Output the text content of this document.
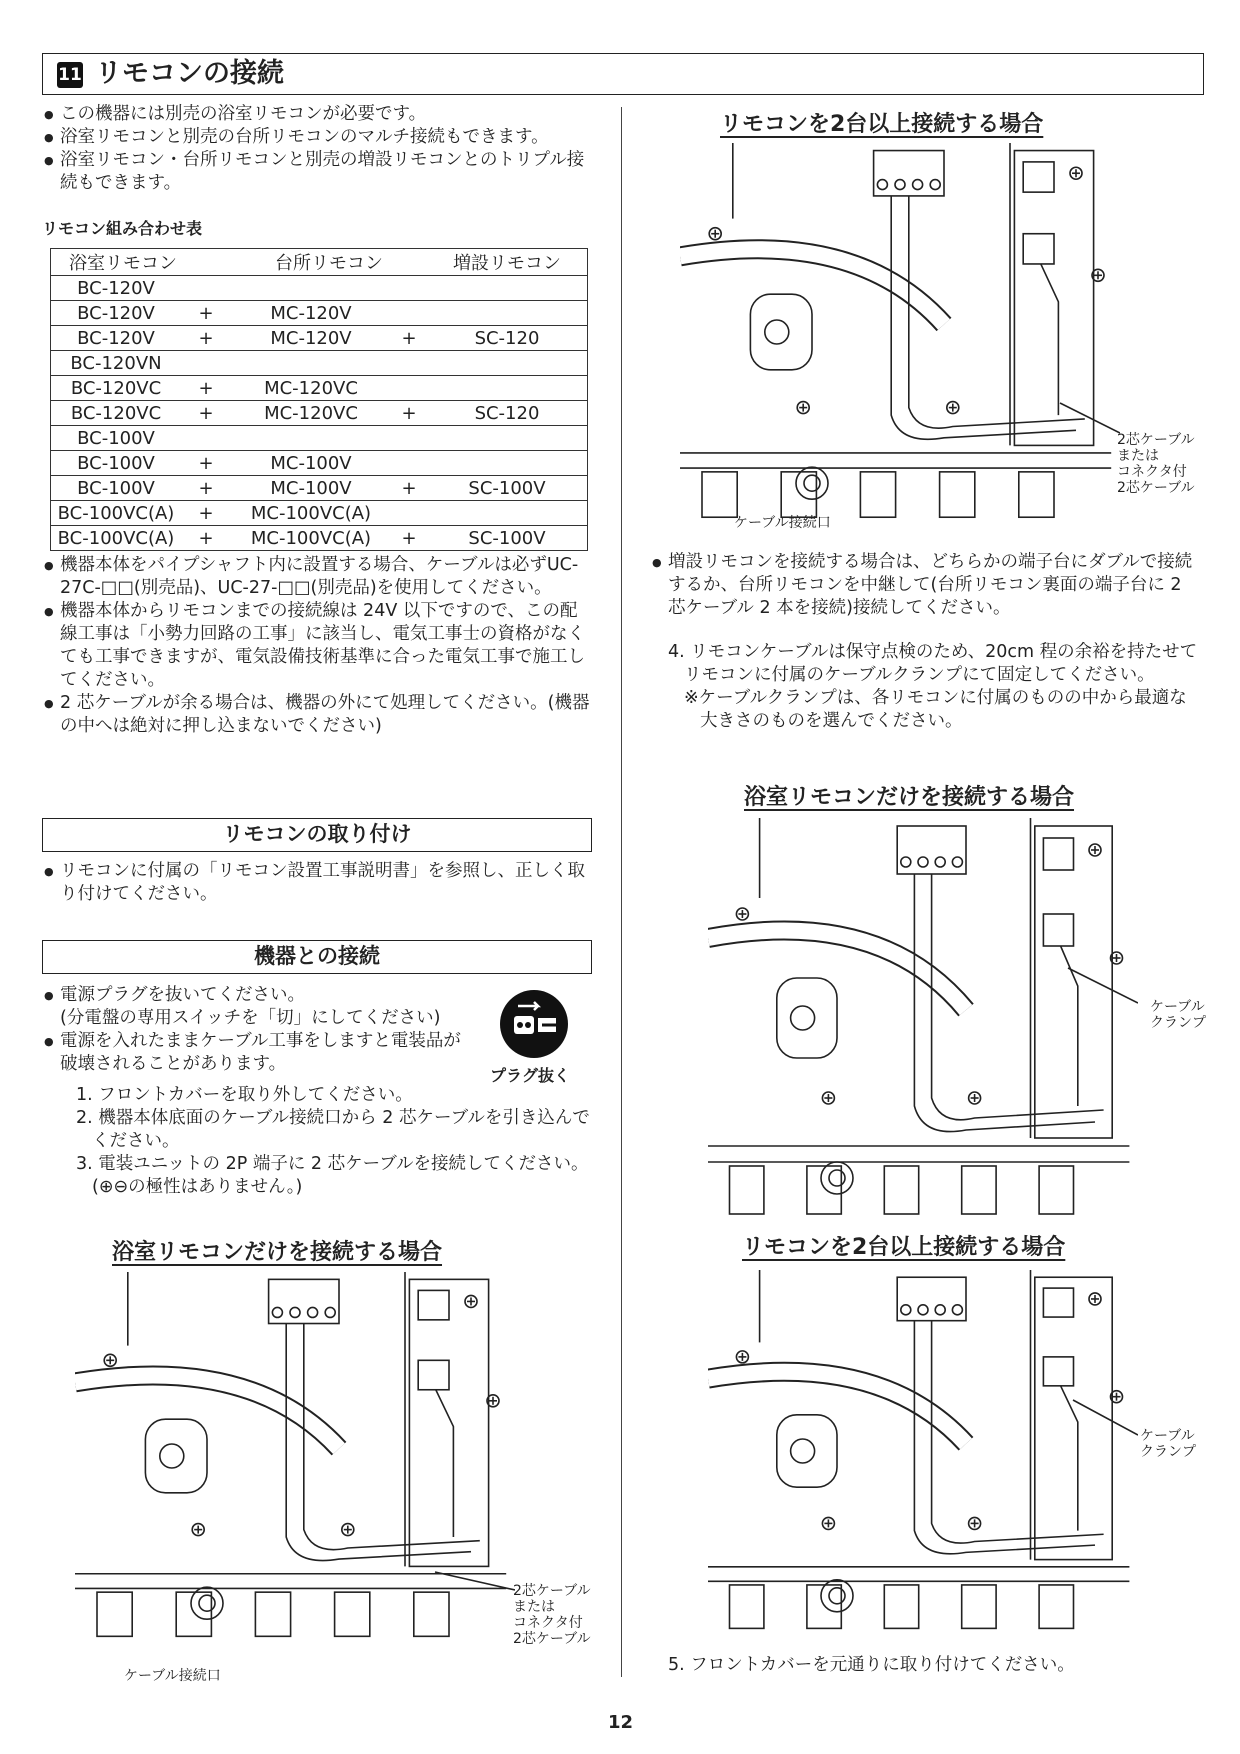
11 リモコンの接続

● この機器には別売の浴室リモコンが必要です。

● 浴室リモコンと別売の台所リモコンのマルチ接続もできます。

● 浴室リモコン・台所リモコンと別売の増設リモコンとのトリプル接続もできます。

リモコン組み合わせ表

浴室リモコン	台所リモコン	増設リモコン

BC-120V

BC-120V	+	MC-120V

BC-120V	+	MC-120V	+	SC-120

BC-120VN

BC-120VC	+	MC-120VC

BC-120VC	+	MC-120VC	+	SC-120

BC-100V

BC-100V	+	MC-100V

BC-100V	+	MC-100V	+	SC-100V

BC-100VC(A)	+	MC-100VC(A)

BC-100VC(A)	+	MC-100VC(A)	+	SC-100V

● 機器本体をパイプシャフト内に設置する場合、ケーブルは必ずUC-27C-□□(別売品)、UC-27-□□(別売品)を使用してください。

● 機器本体からリモコンまでの接続線は 24V 以下ですので、この配線工事は「小勢力回路の工事」に該当し、電気工事士の資格がなくても工事できますが、電気設備技術基準に合った電気工事で施工してください。

● 2 芯ケーブルが余る場合は、機器の外にて処理してください。(機器の中へは絶対に押し込まないでください)

リモコンの取り付け

● リモコンに付属の「リモコン設置工事説明書」を参照し、正しく取り付けてください。

機器との接続

● 電源プラグを抜いてください。

(分電盤の専用スイッチを「切」にしてください)

● 電源を入れたままケーブル工事をしますと電装品が破壊されることがあります。

1. フロントカバーを取り外してください。

2. 機器本体底面のケーブル接続口から 2 芯ケーブルを引き込んでください。

3. 電装ユニットの 2P 端子に 2 芯ケーブルを接続してください。(⊕⊖の極性はありません。)

プラグ抜く
浴室リモコンだけを接続する場合
2芯ケーブル
または
コネクタ付
2芯ケーブル
ケーブル接続口
リモコンを2台以上接続する場合
2芯ケーブル
または
コネクタ付
2芯ケーブル
ケーブル接続口

● 増設リモコンを接続する場合は、どちらかの端子台にダブルで接続するか、台所リモコンを中継して(台所リモコン裏面の端子台に 2 芯ケーブル 2 本を接続)接続してください。

4. リモコンケーブルは保守点検のため、20cm 程の余裕を持たせてリモコンに付属のケーブルクランプにて固定してください。

※ケーブルクランプは、各リモコンに付属のものの中から最適な大きさのものを選んでください。

浴室リモコンだけを接続する場合
ケーブル
クランプ
リモコンを2台以上接続する場合
ケーブル
クランプ

5. フロントカバーを元通りに取り付けてください。

12
